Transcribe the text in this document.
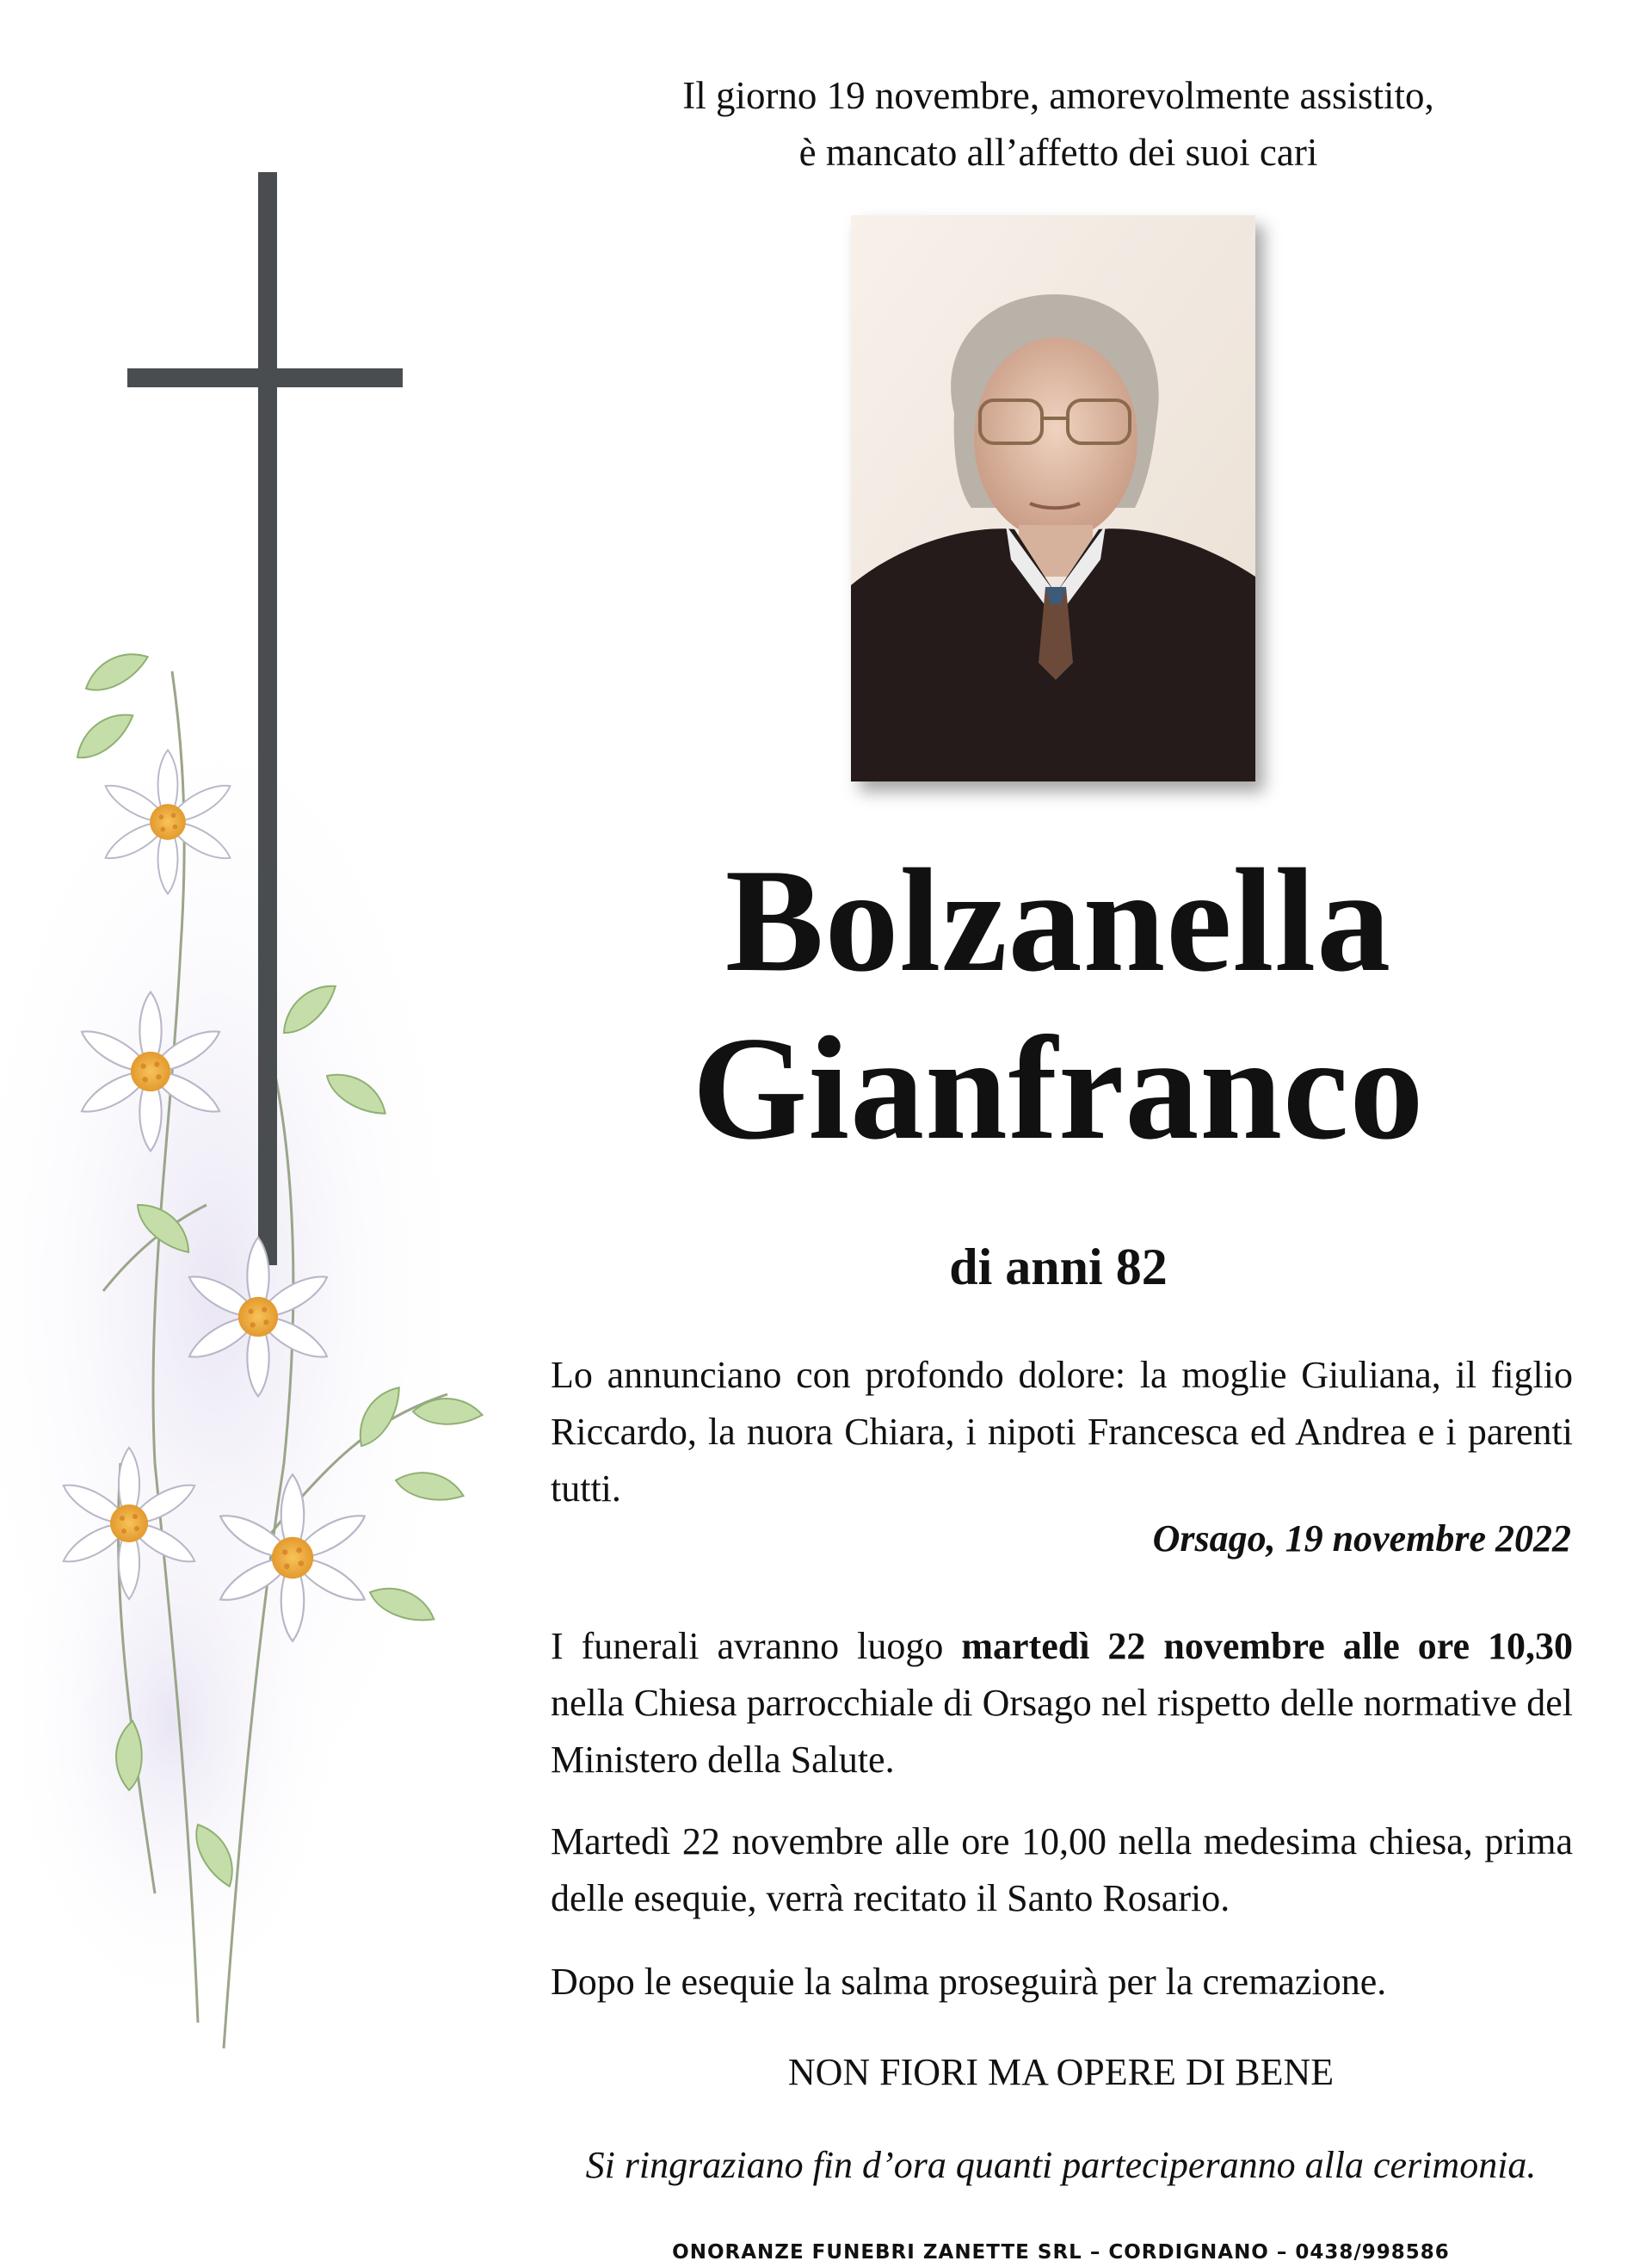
Il giorno 19 novembre, amorevolmente assistito,
è mancato all’affetto dei suoi cari
Bolzanella
Gianfranco
di anni 82
Lo annunciano con profondo dolore: la moglie Giuliana, il figlio Riccardo, la nuora Chiara, i nipoti Francesca ed Andrea e i parenti tutti.
Orsago, 19 novembre 2022
I funerali avranno luogo martedì 22 novembre alle ore 10,30 nella Chiesa parrocchiale di Orsago nel rispetto delle normative del Ministero della Salute.
Martedì 22 novembre alle ore 10,00 nella medesima chiesa, prima delle esequie, verrà recitato il Santo Rosario.
Dopo le esequie la salma proseguirà per la cremazione.
NON FIORI MA OPERE DI BENE
Si ringraziano fin d’ora quanti parteciperanno alla cerimonia.
ONORANZE FUNEBRI ZANETTE SRL – CORDIGNANO – 0438/998586
